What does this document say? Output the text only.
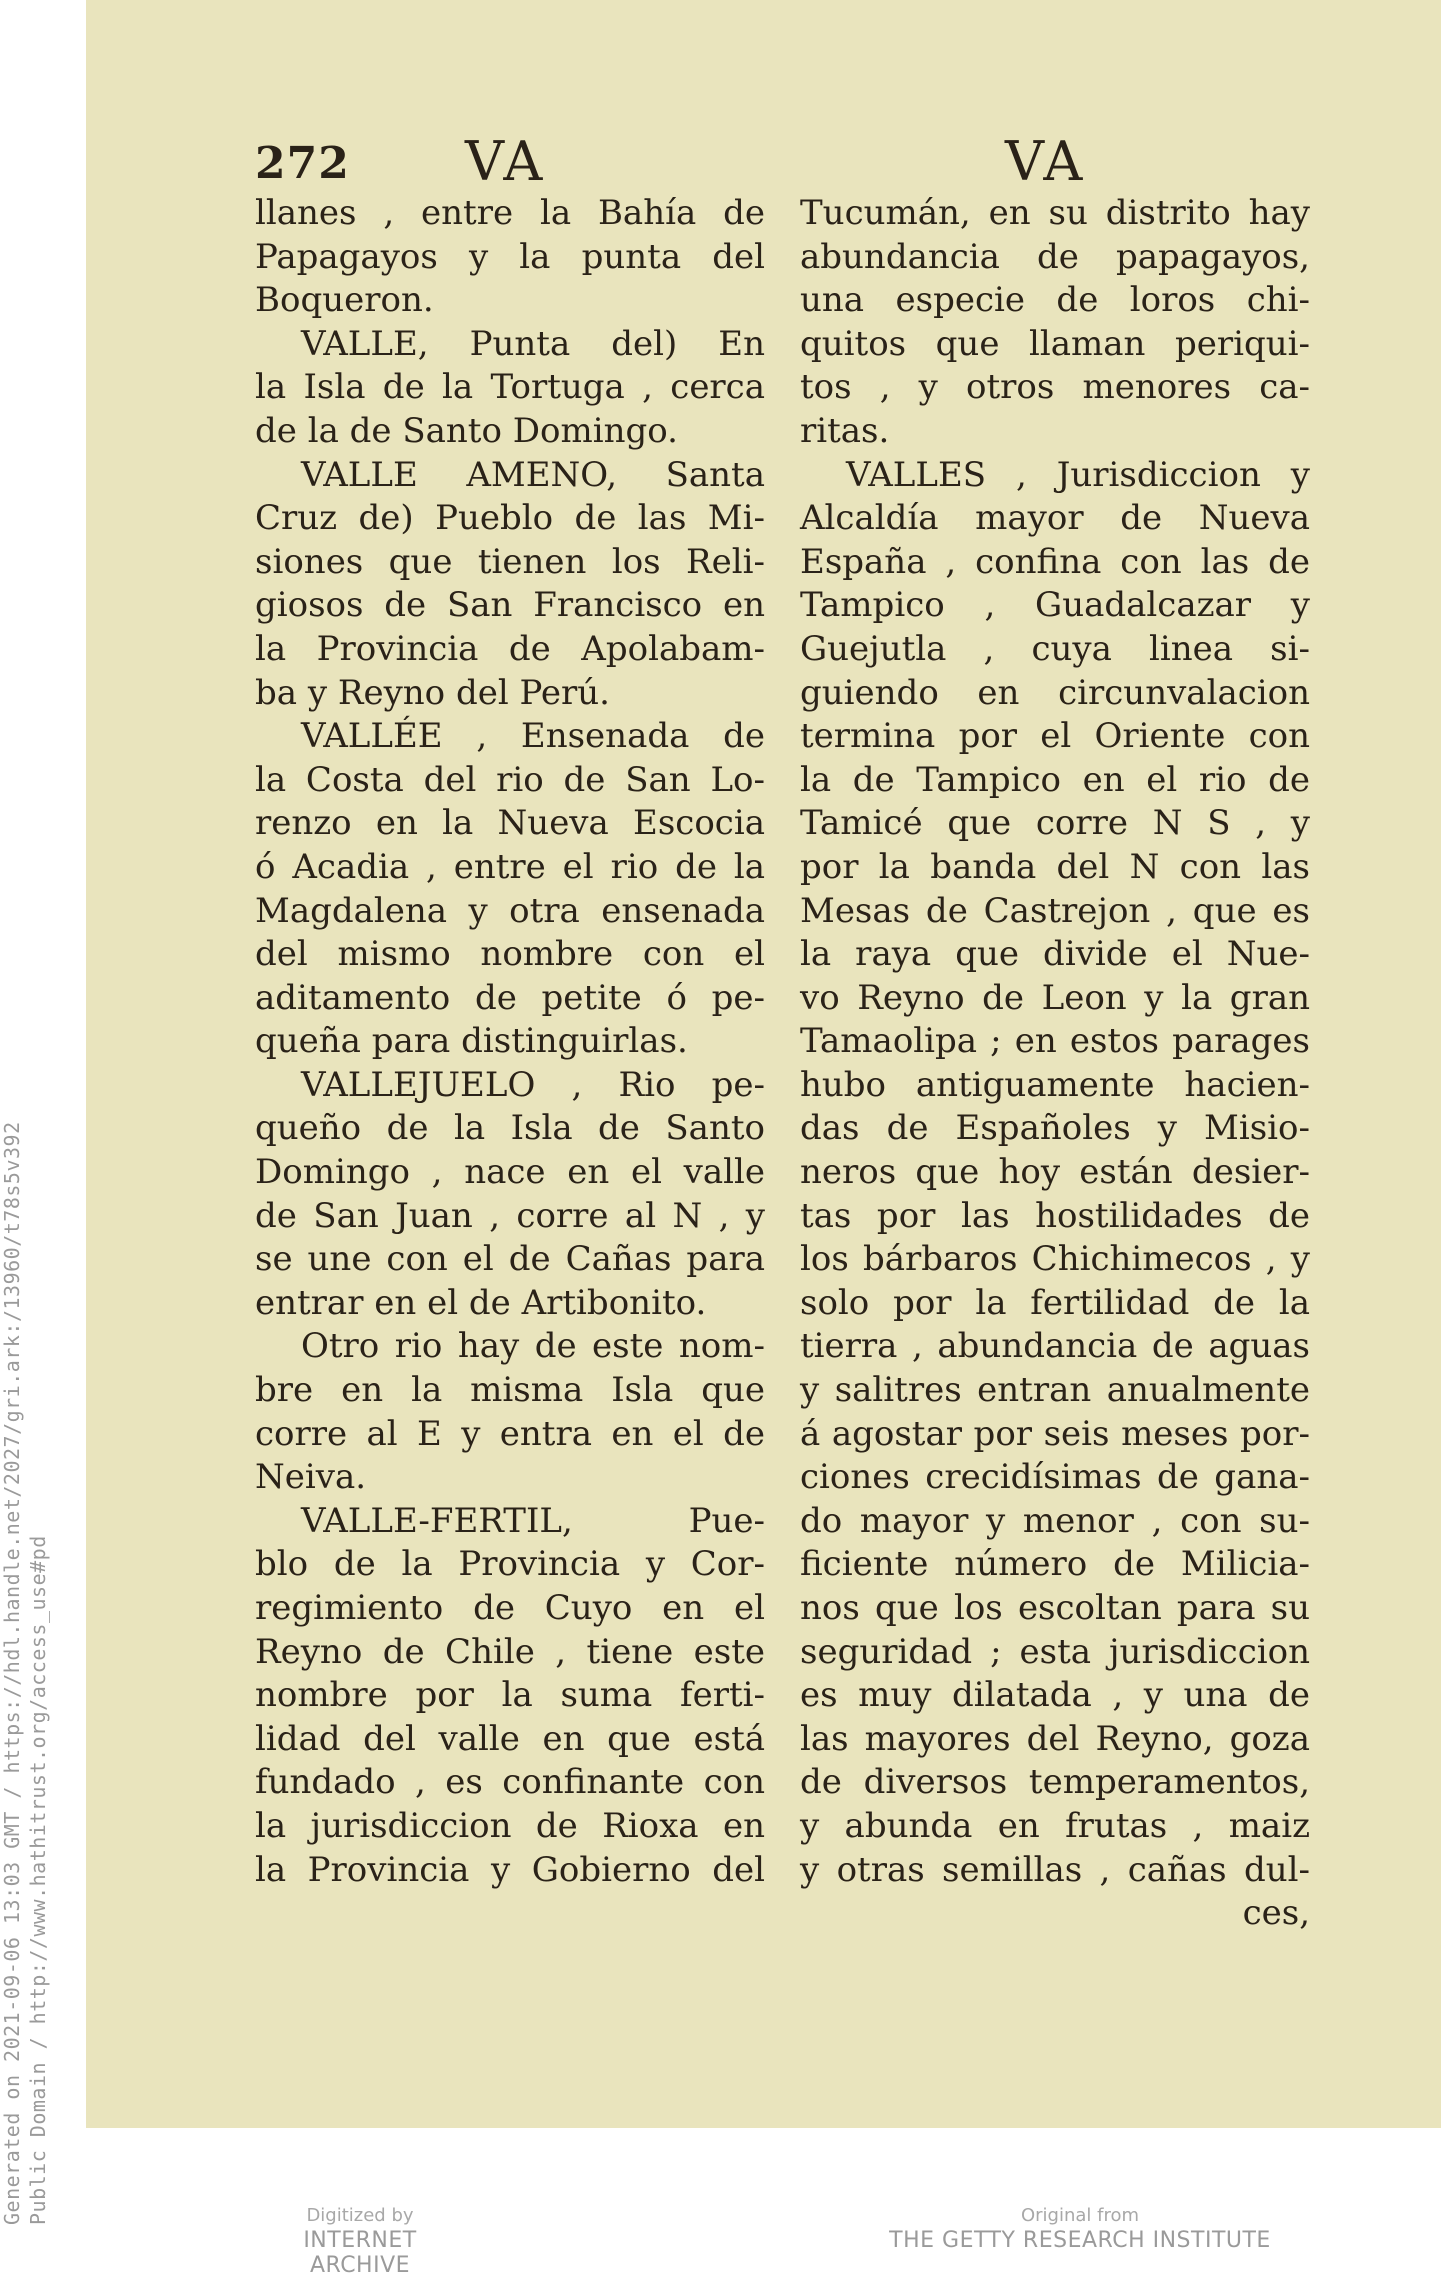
Generated on 2021-09-06 13:03 GMT / https://hdl.handle.net/2027/gri.ark:/13960/t78s5v392 Public Domain / http://www.hathitrust.org/access_use#pd
272 VA	VA
llanes , entre la Bahía de
Papagayos y la punta del
Boqueron.
VALLE, Punta del) En
la Isla de la Tortuga , cerca
de la de Santo Domingo.
VALLE AMENO, Santa
Cruz de) Pueblo de las Mi-
siones que tienen los Reli-
giosos de San Francisco en
la Provincia de Apolabam-
ba y Reyno del Perú.
VALLÉE , Ensenada de
la Costa del rio de San Lo-
renzo en la Nueva Escocia
ó Acadia , entre el rio de la
Magdalena y otra ensenada
del mismo nombre con el
aditamento de petite ó pe-
queña para distinguirlas.
VALLEJUELO , Rio pe-
queño de la Isla de Santo
Domingo , nace en el valle
de San Juan , corre al N , y
se une con el de Cañas para
entrar en el de Artibonito.
Otro rio hay de este nom-
bre en la misma Isla que
corre al E y entra en el de
Neiva.
VALLE-FERTIL, Pue-
blo de la Provincia y Cor-
regimiento de Cuyo en el
Reyno de Chile , tiene este
nombre por la suma ferti-
lidad del valle en que está
fundado , es confinante con
la jurisdiccion de Rioxa en
la Provincia y Gobierno del
Tucumán, en su distrito hay
abundancia de papagayos,
una especie de loros chi-
quitos que llaman periqui-
tos , y otros menores ca-
ritas.
VALLES , Jurisdiccion y
Alcaldía mayor de Nueva
España , confina con las de
Tampico , Guadalcazar y
Guejutla , cuya linea si-
guiendo en circunvalacion
termina por el Oriente con
la de Tampico en el rio de
Tamicé que corre N S , y
por la banda del N con las
Mesas de Castrejon , que es
la raya que divide el Nue-
vo Reyno de Leon y la gran
Tamaolipa ; en estos parages
hubo antiguamente hacien-
das de Españoles y Misio-
neros que hoy están desier-
tas por las hostilidades de
los bárbaros Chichimecos , y
solo por la fertilidad de la
tierra , abundancia de aguas
y salitres entran anualmente
á agostar por seis meses por-
ciones crecidísimas de gana-
do mayor y menor , con su-
ficiente número de Milicia-
nos que los escoltan para su
seguridad ; esta jurisdiccion
es muy dilatada , y una de
las mayores del Reyno, goza
de diversos temperamentos,
y abunda en frutas , maiz
y otras semillas , cañas dul-
ces,
Digitized by
INTERNET ARCHIVE
Original from
THE GETTY RESEARCH INSTITUTE
